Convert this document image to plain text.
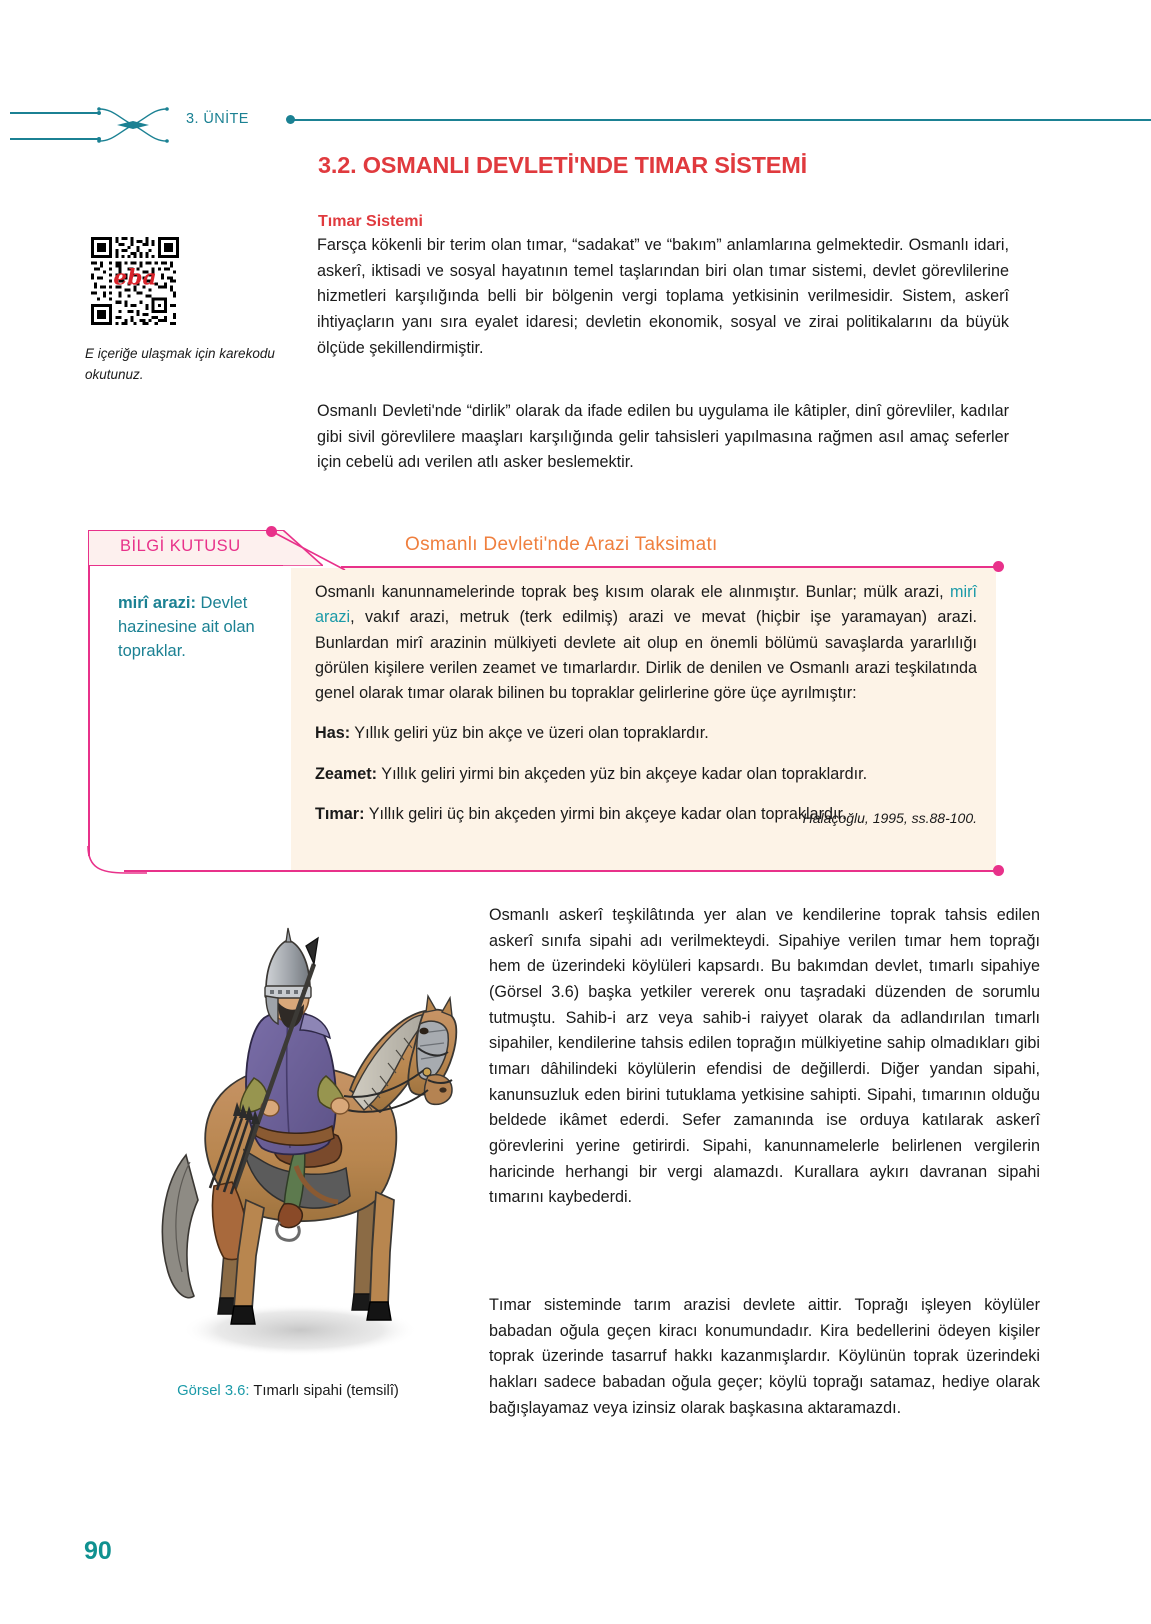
3. ÜNİTE
3.2. OSMANLI DEVLETİ'NDE TIMAR SİSTEMİ
Tımar Sistemi
eba
E içeriğe ulaşmak için karekodu okutunuz.

Farsça kökenli bir terim olan tımar, “sadakat” ve “bakım” anlamlarına gelmektedir. Osmanlı idari, askerî, iktisadi ve sosyal hayatının temel taşlarından biri olan tımar sistemi, devlet görevlilerine hizmetleri karşılığında belli bir bölgenin vergi toplama yetkisinin verilmesidir. Sistem, askerî ihtiyaçların yanı sıra eyalet idaresi; devletin ekonomik, sosyal ve zirai politikalarını da büyük ölçüde şekillendirmiştir.

Osmanlı Devleti'nde “dirlik” olarak da ifade edilen bu uygulama ile kâtipler, dinî görevliler, kadılar gibi sivil görevlilere maaşları karşılığında gelir tahsisleri yapılmasına rağmen asıl amaç seferler için cebelü adı verilen atlı asker beslemektir.

BİLGİ KUTUSU	Osmanlı Devleti'nde Arazi Taksimatı
mirî arazi: Devlet hazinesine ait olan topraklar.

Osmanlı kanunnamelerinde toprak beş kısım olarak ele alınmıştır. Bunlar; mülk arazi, mirî arazi, vakıf arazi, metruk (terk edilmiş) arazi ve mevat (hiçbir işe yaramayan) arazi. Bunlardan mirî arazinin mülkiyeti devlete ait olup en önemli bölümü savaşlarda yararlılığı görülen kişilere verilen zeamet ve tımarlardır. Dirlik de denilen ve Osmanlı arazi teşkilatında genel olarak tımar olarak bilinen bu topraklar gelirlerine göre üçe ayrılmıştır:

Has: Yıllık geliri yüz bin akçe ve üzeri olan topraklardır.

Zeamet: Yıllık geliri yirmi bin akçeden yüz bin akçeye kadar olan topraklardır.

Tımar: Yıllık geliri üç bin akçeden yirmi bin akçeye kadar olan topraklardır.

Halaçoğlu, 1995, ss.88-100.
Görsel 3.6: Tımarlı sipahi (temsilî)

Osmanlı askerî teşkilâtında yer alan ve kendilerine toprak tahsis edilen askerî sınıfa sipahi adı verilmekteydi. Sipahiye verilen tımar hem toprağı hem de üzerindeki köylüleri kapsardı. Bu bakımdan devlet, tımarlı sipahiye (Görsel 3.6) başka yetkiler vererek onu taşradaki düzenden de sorumlu tutmuştu. Sahib-i arz veya sahib-i raiyyet olarak da adlandırılan tımarlı sipahiler, kendilerine tahsis edilen toprağın mülkiyetine sahip olmadıkları gibi tımarı dâhilindeki köylülerin efendisi de değillerdi. Diğer yandan sipahi, kanunsuzluk eden birini tutuklama yetkisine sahipti. Sipahi, tımarının olduğu beldede ikâmet ederdi. Sefer zamanında ise orduya katılarak askerî görevlerini yerine getirirdi. Sipahi, kanunnamelerle belirlenen vergilerin haricinde herhangi bir vergi alamazdı. Kurallara aykırı davranan sipahi tımarını kaybederdi.

Tımar sisteminde tarım arazisi devlete aittir. Toprağı işleyen köylüler babadan oğula geçen kiracı konumundadır. Kira bedellerini ödeyen kişiler toprak üzerinde tasarruf hakkı kazanmışlardır. Köylünün toprak üzerindeki hakları sadece babadan oğula geçer; köylü toprağı satamaz, hediye olarak bağışlayamaz veya izinsiz olarak başkasına aktaramazdı.

90
